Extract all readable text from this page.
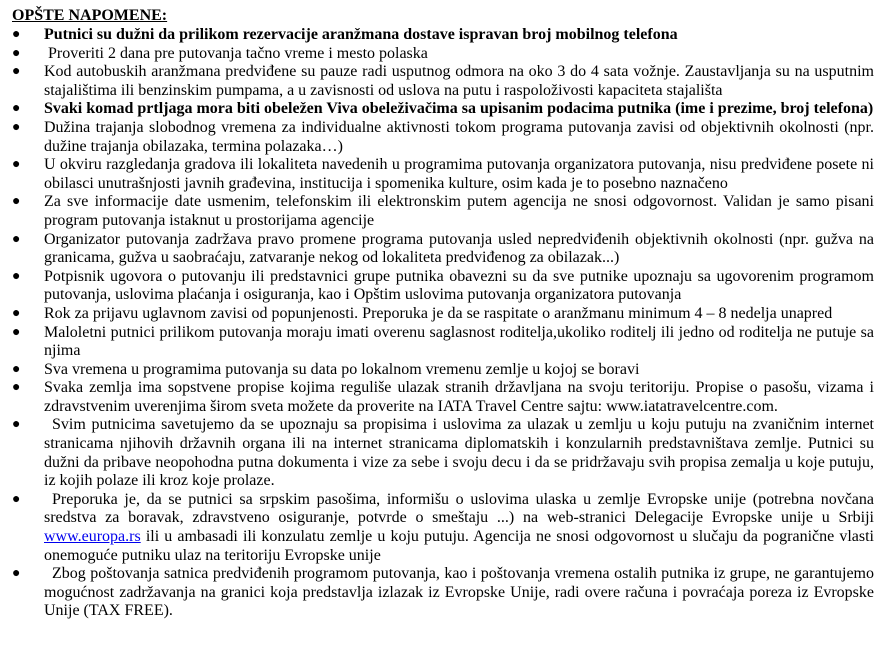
OPŠTE NAPOMENE:
● Putnici su dužni da prilikom rezervacije aranžmana dostave ispravan broj mobilnog telefona
● Proveriti 2 dana pre putovanja tačno vreme i mesto polaska
● Kod autobuskih aranžmana predviđene su pauze radi usputnog odmora na oko 3 do 4 sata vožnje. Zaustavljanja su na usputnim stajalištima ili benzinskim pumpama, a u zavisnosti od uslova na putu i raspoloživosti kapaciteta stajališta
● Svaki komad prtljaga mora biti obeležen Viva obeleživačima sa upisanim podacima putnika (ime i prezime, broj telefona)
● Dužina trajanja slobodnog vremena za individualne aktivnosti tokom programa putovanja zavisi od objektivnih okolnosti (npr. dužine trajanja obilazaka, termina polazaka…)
● U okviru razgledanja gradova ili lokaliteta navedenih u programima putovanja organizatora putovanja, nisu predviđene posete ni obilasci unutrašnjosti javnih građevina, institucija i spomenika kulture, osim kada je to posebno naznačeno
● Za sve informacije date usmenim, telefonskim ili elektronskim putem agencija ne snosi odgovornost. Validan je samo pisani program putovanja istaknut u prostorijama agencije
● Organizator putovanja zadržava pravo promene programa putovanja usled nepredviđenih objektivnih okolnosti (npr. gužva na granicama, gužva u saobraćaju, zatvaranje nekog od lokaliteta predviđenog za obilazak...)
● Potpisnik ugovora o putovanju ili predstavnici grupe putnika obavezni su da sve putnike upoznaju sa ugovorenim programom putovanja, uslovima plaćanja i osiguranja, kao i Opštim uslovima putovanja organizatora putovanja
● Rok za prijavu uglavnom zavisi od popunjenosti. Preporuka je da se raspitate o aranžmanu minimum 4 – 8 nedelja unapred
● Maloletni putnici prilikom putovanja moraju imati overenu saglasnost roditelja,ukoliko roditelj ili jedno od roditelja ne putuje sa njima
● Sva vremena u programima putovanja su data po lokalnom vremenu zemlje u kojoj se boravi
● Svaka zemlja ima sopstvene propise kojima reguliše ulazak stranih državljana na svoju teritoriju. Propise o pasošu, vizama i zdravstvenim uverenjima širom sveta možete da proverite na IATA Travel Centre sajtu: www.iatatravelcentre.com.
● Svim putnicima savetujemo da se upoznaju sa propisima i uslovima za ulazak u zemlju u koju putuju na zvaničnim internet stranicama njihovih državnih organa ili na internet stranicama diplomatskih i konzularnih predstavništava zemlje. Putnici su dužni da pribave neopohodna putna dokumenta i vize za sebe i svoju decu i da se pridržavaju svih propisa zemalja u koje putuju, iz kojih polaze ili kroz koje prolaze.
● Preporuka je, da se putnici sa srpskim pasošima, informišu o uslovima ulaska u zemlje Evropske unije (potrebna novčana sredstva za boravak, zdravstveno osiguranje, potvrde o smeštaju ...) na web-stranici Delegacije Evropske unije u Srbiji www.europa.rs ili u ambasadi ili konzulatu zemlje u koju putuju. Agencija ne snosi odgovornost u slučaju da pogranične vlasti onemoguće putniku ulaz na teritoriju Evropske unije
● Zbog poštovanja satnica predviđenih programom putovanja, kao i poštovanja vremena ostalih putnika iz grupe, ne garantujemo mogućnost zadržavanja na granici koja predstavlja izlazak iz Evropske Unije, radi overe računa i povraćaja poreza iz Evropske Unije (TAX FREE).
